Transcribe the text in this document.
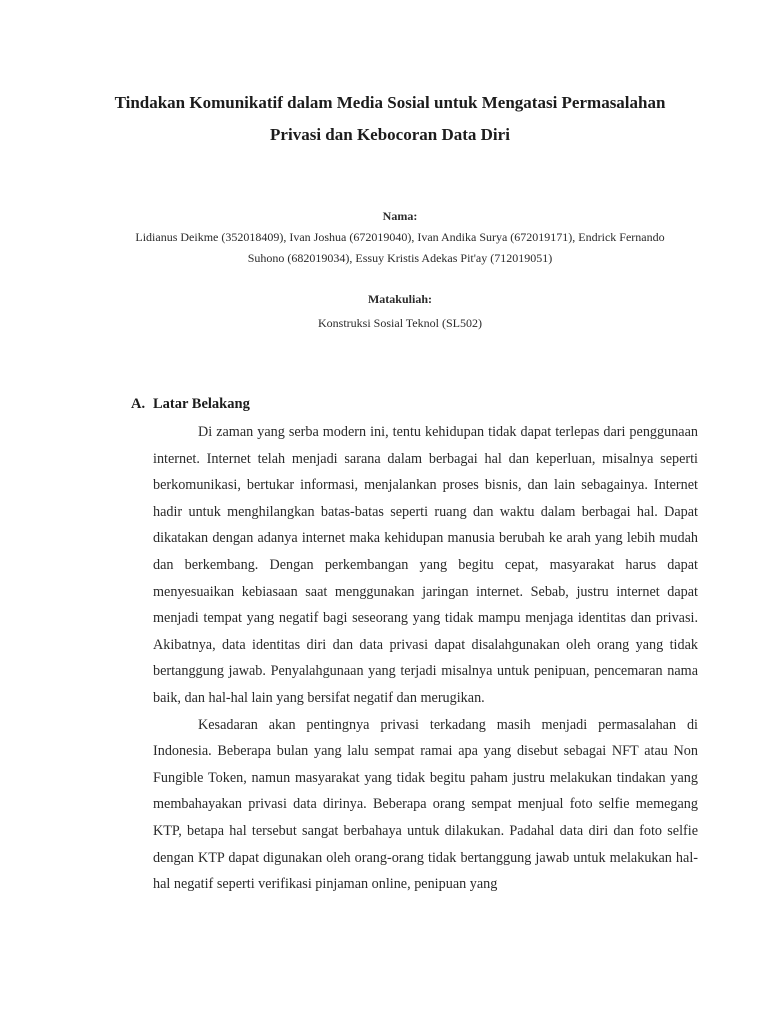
Tindakan Komunikatif dalam Media Sosial untuk Mengatasi Permasalahan
Privasi dan Kebocoran Data Diri
Nama:
Lidianus Deikme (352018409), Ivan Joshua (672019040), Ivan Andika Surya (672019171), Endrick Fernando
Suhono (682019034), Essuy Kristis Adekas Pit'ay (712019051)
Matakuliah:
Konstruksi Sosial Teknol (SL502)
A. Latar Belakang

Di zaman yang serba modern ini, tentu kehidupan tidak dapat terlepas dari penggunaan internet. Internet telah menjadi sarana dalam berbagai hal dan keperluan, misalnya seperti berkomunikasi, bertukar informasi, menjalankan proses bisnis, dan lain sebagainya. Internet hadir untuk menghilangkan batas-batas seperti ruang dan waktu dalam berbagai hal. Dapat dikatakan dengan adanya internet maka kehidupan manusia berubah ke arah yang lebih mudah dan berkembang. Dengan perkembangan yang begitu cepat, masyarakat harus dapat menyesuaikan kebiasaan saat menggunakan jaringan internet. Sebab, justru internet dapat menjadi tempat yang negatif bagi seseorang yang tidak mampu menjaga identitas dan privasi. Akibatnya, data identitas diri dan data privasi dapat disalahgunakan oleh orang yang tidak bertanggung jawab. Penyalahgunaan yang terjadi misalnya untuk penipuan, pencemaran nama baik, dan hal-hal lain yang bersifat negatif dan merugikan.

Kesadaran akan pentingnya privasi terkadang masih menjadi permasalahan di Indonesia. Beberapa bulan yang lalu sempat ramai apa yang disebut sebagai NFT atau Non Fungible Token, namun masyarakat yang tidak begitu paham justru melakukan tindakan yang membahayakan privasi data dirinya. Beberapa orang sempat menjual foto selfie memegang KTP, betapa hal tersebut sangat berbahaya untuk dilakukan. Padahal data diri dan foto selfie dengan KTP dapat digunakan oleh orang-orang tidak bertanggung jawab untuk melakukan hal-hal negatif seperti verifikasi pinjaman online, penipuan yang
